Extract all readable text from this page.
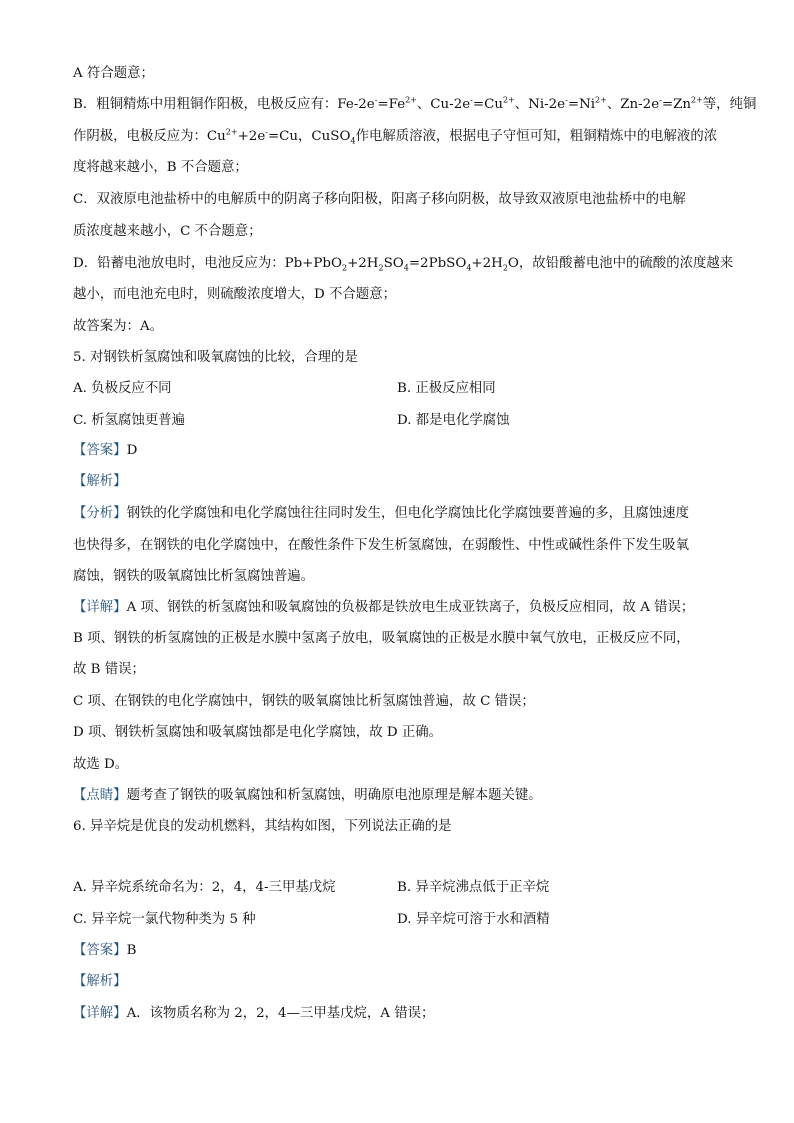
A 符合题意；
B．粗铜精炼中用粗铜作阳极，电极反应有：$Fe-2e^-=Fe^{2+}$、$Cu-2e^-=Cu^{2+}$、$Ni-2e^-=Ni^{2+}$、$Zn-2e^-=Zn^{2+}$等，纯铜
作阴极，电极反应为：$Cu^{2+}+2e^-=Cu$，CuSO$_4$作电解质溶液，根据电子守恒可知，粗铜精炼中的电解液的浓
度将越来越小，B 不合题意；
C．双液原电池盐桥中的电解质中的阴离子移向阳极，阳离子移向阴极，故导致双液原电池盐桥中的电解
质浓度越来越小，C 不合题意；
D．铅蓄电池放电时，电池反应为：$Pb+PbO_2+2H_2SO_4=2PbSO_4+2H_2O$，故铅酸蓄电池中的硫酸的浓度越来
越小，而电池充电时，则硫酸浓度增大，D 不合题意；
故答案为：A。
5. 对钢铁析氢腐蚀和吸氧腐蚀的比较，合理的是
A. 负极反应不同	B. 正极反应相同
C. 析氢腐蚀更普遍	D. 都是电化学腐蚀
【答案】D
【解析】
【分析】钢铁的化学腐蚀和电化学腐蚀往往同时发生，但电化学腐蚀比化学腐蚀要普遍的多，且腐蚀速度
也快得多，在钢铁的电化学腐蚀中，在酸性条件下发生析氢腐蚀，在弱酸性、中性或碱性条件下发生吸氧
腐蚀，钢铁的吸氧腐蚀比析氢腐蚀普遍。
【详解】A 项、钢铁的析氢腐蚀和吸氧腐蚀的负极都是铁放电生成亚铁离子，负极反应相同，故 A 错误；
B 项、钢铁的析氢腐蚀的正极是水膜中氢离子放电，吸氧腐蚀的正极是水膜中氧气放电，正极反应不同，
故 B 错误；
C 项、在钢铁的电化学腐蚀中，钢铁的吸氧腐蚀比析氢腐蚀普遍，故 C 错误；
D 项、钢铁析氢腐蚀和吸氧腐蚀都是电化学腐蚀，故 D 正确。
故选 D。
【点睛】题考查了钢铁的吸氧腐蚀和析氢腐蚀，明确原电池原理是解本题关键。
6. 异辛烷是优良的发动机燃料，其结构如图，下列说法正确的是
A. 异辛烷系统命名为：2，4，4-三甲基戊烷	B. 异辛烷沸点低于正辛烷
C. 异辛烷一氯代物种类为 5 种	D. 异辛烷可溶于水和酒精
【答案】B
【解析】
【详解】A．该物质名称为 2，2，4—三甲基戊烷，A 错误；
